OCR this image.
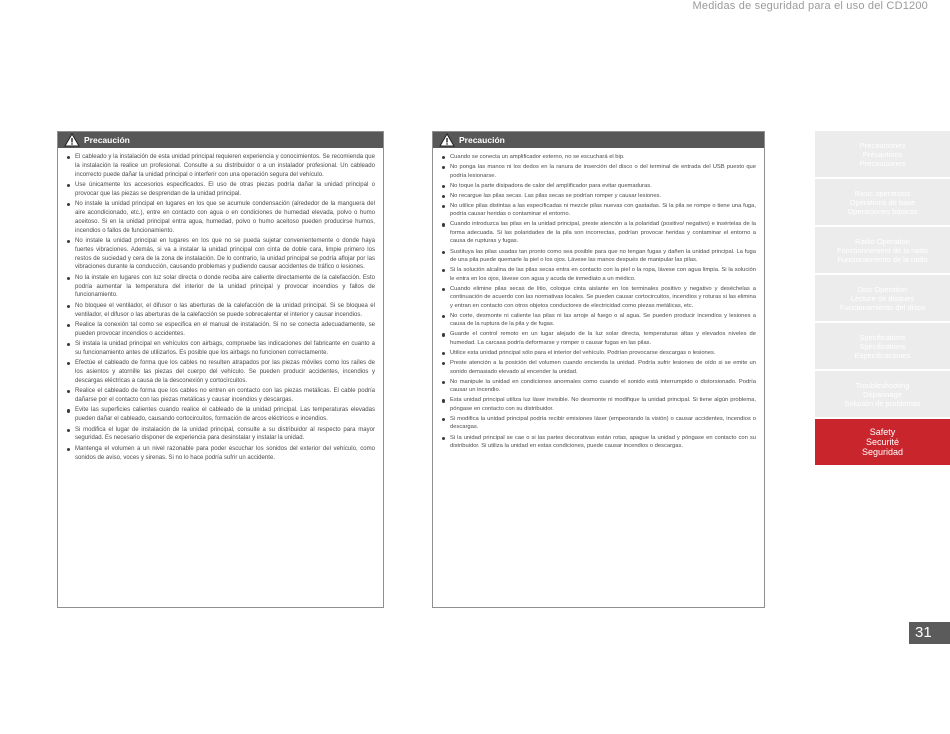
Medidas de seguridad para el uso del CD1200
Precaución
El cableado y la instalación de esta unidad principal requieren experiencia y conocimientos. Se recomienda que la instalación la realice un profesional. Consulte a su distribuidor o a un instalador profesional. Un cableado incorrecto puede dañar la unidad principal o interferir con una operación segura del vehículo.
Use únicamente los accesorios especificados. El uso de otras piezas podría dañar la unidad principal o provocar que las piezas se desprendan de la unidad principal.
No instale la unidad principal en lugares en los que se acumule condensación (alrededor de la manguera del aire acondicionado, etc.), entre en contacto con agua o en condiciones de humedad elevada, polvo o humo aceitoso. Si en la unidad principal entra agua, humedad, polvo o humo aceitoso pueden producirse humos, incendios o fallos de funcionamiento.
No instale la unidad principal en lugares en los que no se pueda sujetar convenientemente o donde haya fuertes vibraciones. Además, si va a instalar la unidad principal con cinta de doble cara, limpie primero los restos de suciedad y cera de la zona de instalación. De lo contrario, la unidad principal se podría aflojar por las vibraciones durante la conducción, causando problemas y pudiendo causar accidentes de tráfico o lesiones.
No la instale en lugares con luz solar directa o donde reciba aire caliente directamente de la calefacción. Esto podría aumentar la temperatura del interior de la unidad principal y provocar incendios y fallos de funcionamiento.
No bloquee el ventilador, el difusor o las aberturas de la calefacción de la unidad principal. Si se bloquea el ventilador, el difusor o las aberturas de la calefacción se puede sobrecalentar el interior y causar incendios.
Realice la conexión tal como se especifica en el manual de instalación. Si no se conecta adecuadamente, se pueden provocar incendios o accidentes.
Si instala la unidad principal en vehículos con airbags, compruebe las indicaciones del fabricante en cuanto a su funcionamiento antes de utilizarlos. Es posible que los airbags no funcionen correctamente.
Efectúe el cableado de forma que los cables no resulten atrapados por las piezas móviles como los raíles de los asientos y atornille las piezas del cuerpo del vehículo. Se pueden producir accidentes, incendios y descargas eléctricas a causa de la desconexión y cortocircuitos.
Realice el cableado de forma que los cables no entren en contacto con las piezas metálicas. El cable podría dañarse por el contacto con las piezas metálicas y causar incendios y descargas.
Evite las superficies calientes cuando realice el cableado de la unidad principal. Las temperaturas elevadas pueden dañar el cableado, causando cortocircuitos, formación de arcos eléctricos e incendios.
Si modifica el lugar de instalación de la unidad principal, consulte a su distribuidor al respecto para mayor seguridad. Es necesario disponer de experiencia para desinstalar y instalar la unidad.
Mantenga el volumen a un nivel razonable para poder escuchar los sonidos del exterior del vehículo, como sonidos de aviso, voces y sirenas. Si no lo hace podría sufrir un accidente.
Precaución
Cuando se conecta un amplificador externo, no se escuchará el bip.
No ponga las manos ni los dedos en la ranura de inserción del disco o del terminal de entrada del USB puesto que podría lesionarse.
No toque la parte disipadora de calor del amplificador para evitar quemaduras.
No recargue las pilas secas. Las pilas secas se podrían romper y causar lesiones.
No utilice pilas distintas a las especificadas ni mezcle pilas nuevas con gastadas. Si la pila se rompe o tiene una fuga, podría causar heridas o contaminar el entorno.
Cuando introduzca las pilas en la unidad principal, preste atención a la polaridad (positivo/ negativo) e insértelas de la forma adecuada. Si las polaridades de la pila son incorrectas, podrían provocar heridas y contaminar el entorno a causa de rupturas y fugas.
Sustituya las pilas usadas tan pronto como sea posible para que no tengan fugas y dañen la unidad principal. La fuga de una pila puede quemarle la piel o los ojos. Lávese las manos después de manipular las pilas.
Si la solución alcalina de las pilas secas entra en contacto con la piel o la ropa, lávese con agua limpia. Si la solución le entra en los ojos, lávese con agua y acuda de inmediato a un médico.
Cuando elimine pilas secas de litio, coloque cinta aislante en los terminales positivo y negativo y deséchelas a continuación de acuerdo con las normativas locales. Se pueden causar cortocircuitos, incendios y roturas si las elimina y entran en contacto con otros objetos conductores de electricidad como piezas metálicas, etc.
No corte, desmonte ni caliente las pilas ni las arroje al fuego o al agua. Se pueden producir incendios y lesiones a causa de la ruptura de la pila y de fugas.
Guarde el control remoto en un lugar alejado de la luz solar directa, temperaturas altas y elevados niveles de humedad. La carcasa podría deformarse y romper o causar fugas en las pilas.
Utilice esta unidad principal sólo para el interior del vehículo. Podrían provocarse descargas o lesiones.
Preste atención a la posición del volumen cuando encienda la unidad. Podría sufrir lesiones de oído si se emite un sonido demasiado elevado al encender la unidad.
No manipule la unidad en condiciones anormales como cuando el sonido está interrumpido o distorsionado. Podría causar un incendio.
Esta unidad principal utiliza luz láser invisible. No desmonte ni modifique la unidad principal. Si tiene algún problema, póngase en contacto con su distribuidor.
Si modifica la unidad principal podría recibir emisiones láser (empeorando la visión) o causar accidentes, incendios o descargas.
Si la unidad principal se cae o si las partes decorativas están rotas, apague la unidad y póngase en contacto con su distribuidor. Si utiliza la unidad en estas condiciones, puede causar incendios o descargas.
Precauciones
Précautions
Precauciones
Basic operations
Opérations de base
Operaciones básicas
Radio Operation
Fonctionnement de la radio
Funcionamiento de la radio
Disc Operation
Lecture de disques
Funcionamiento del disco
Specifications
Spécifications
Especificaciones
Troubleshooting
Dépannage
Solución de problemas
Safety
Securité
Seguridad
31
